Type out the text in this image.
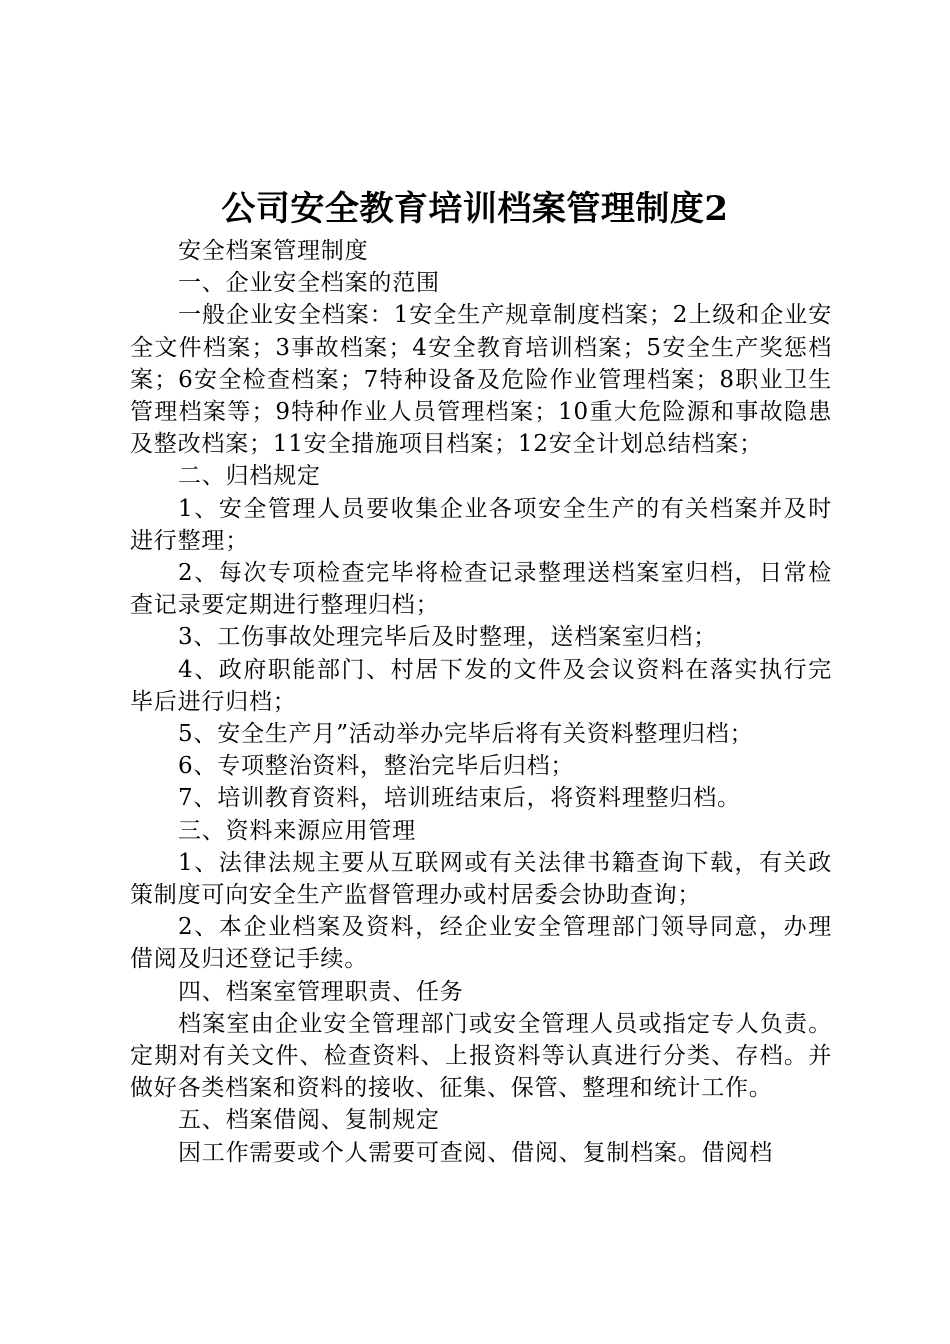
公司安全教育培训档案管理制度2

安全档案管理制度

一、企业安全档案的范围

一般企业安全档案：1安全生产规章制度档案；2上级和企业安全文件档案；3事故档案；4安全教育培训档案；5安全生产奖惩档案；6安全检查档案；7特种设备及危险作业管理档案；8职业卫生管理档案等；9特种作业人员管理档案；10重大危险源和事故隐患及整改档案；11安全措施项目档案；12安全计划总结档案；

二、归档规定

1、安全管理人员要收集企业各项安全生产的有关档案并及时进行整理；

2、每次专项检查完毕将检查记录整理送档案室归档，日常检查记录要定期进行整理归档；

3、工伤事故处理完毕后及时整理，送档案室归档；

4、政府职能部门、村居下发的文件及会议资料在落实执行完毕后进行归档；

5、安全生产月”活动举办完毕后将有关资料整理归档；

6、专项整治资料，整治完毕后归档；

7、培训教育资料，培训班结束后，将资料理整归档。

三、资料来源应用管理

1、法律法规主要从互联网或有关法律书籍查询下载，有关政策制度可向安全生产监督管理办或村居委会协助查询；

2、本企业档案及资料，经企业安全管理部门领导同意，办理借阅及归还登记手续。

四、档案室管理职责、任务

档案室由企业安全管理部门或安全管理人员或指定专人负责。定期对有关文件、检查资料、上报资料等认真进行分类、存档。并做好各类档案和资料的接收、征集、保管、整理和统计工作。

五、档案借阅、复制规定

因工作需要或个人需要可查阅、借阅、复制档案。借阅档
